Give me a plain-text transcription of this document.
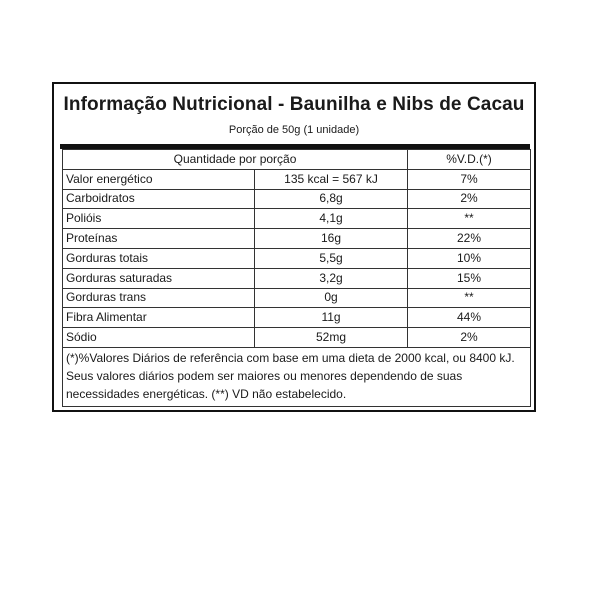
Informação Nutricional - Baunilha e Nibs de Cacau
Porção de 50g (1 unidade)
Quantidade por porção		%V.D.(*)
Valor energético	135 kcal = 567 kJ	7%
Carboidratos	6,8g	2%
Polióis	4,1g	**
Proteínas	16g	22%
Gorduras totais	5,5g	10%
Gorduras saturadas	3,2g	15%
Gorduras trans	0g	**
Fibra Alimentar	11g	44%
Sódio	52mg	2%
(*)%Valores Diários de referência com base em uma dieta de 2000 kcal, ou 8400 kJ. Seus valores diários podem ser maiores ou menores dependendo de suas necessidades energéticas. (**) VD não estabelecido.		
